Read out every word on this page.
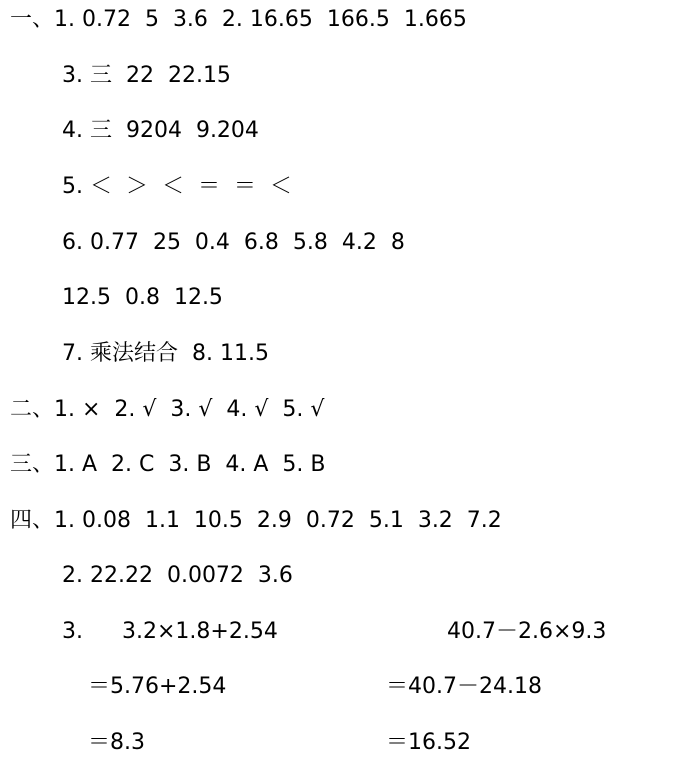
一、1. 0.72  5  3.6  2. 16.65  166.5  1.665
3. 三  22  22.15
4. 三  9204  9.204
5. ＜  ＞  ＜  ＝  ＝  ＜
6. 0.77  25  0.4  6.8  5.8  4.2  8
12.5  0.8  12.5
7. 乘法结合  8. 11.5
二、1. ×  2. √  3. √  4. √  5. √
三、1. A  2. C  3. B  4. A  5. B
四、1. 0.08  1.1  10.5  2.9  0.72  5.1  3.2  7.2
2. 22.22  0.0072  3.6
3. 3.2×1.8+2.54	40.7－2.6×9.3
＝5.76+2.54	＝40.7－24.18
＝8.3	＝16.52
